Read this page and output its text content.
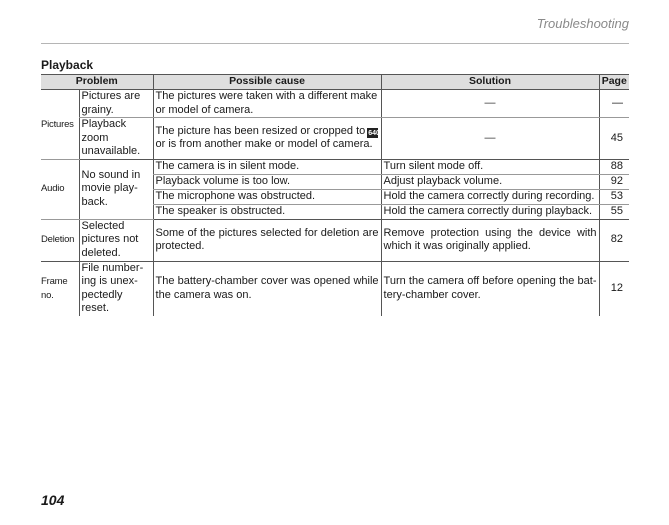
Troubleshooting
Playback
Problem		Possible cause	Solution	Page
Pictures	Pictures are grainy.	The pictures were taken with a different make or model of camera.	—	—
	Playback zoom unavailable.	The picture has been resized or cropped to 640 or is from another make or model of camera.	—	45
Audio	No sound in movie play-back.	The camera is in silent mode.	Turn silent mode off.	88
		Playback volume is too low.	Adjust playback volume.	92
		The microphone was obstructed.	Hold the camera correctly during recording.	53
		The speaker is obstructed.	Hold the camera correctly during playback.	55
Deletion	Selected pictures not deleted.	Some of the pictures selected for deletion are protected.	Remove protection using the device with which it was originally applied.	82
Frame no.	File number-ing is unex-pectedly reset.	The battery-chamber cover was opened while the camera was on.	Turn the camera off before opening the bat-tery-chamber cover.	12
104
